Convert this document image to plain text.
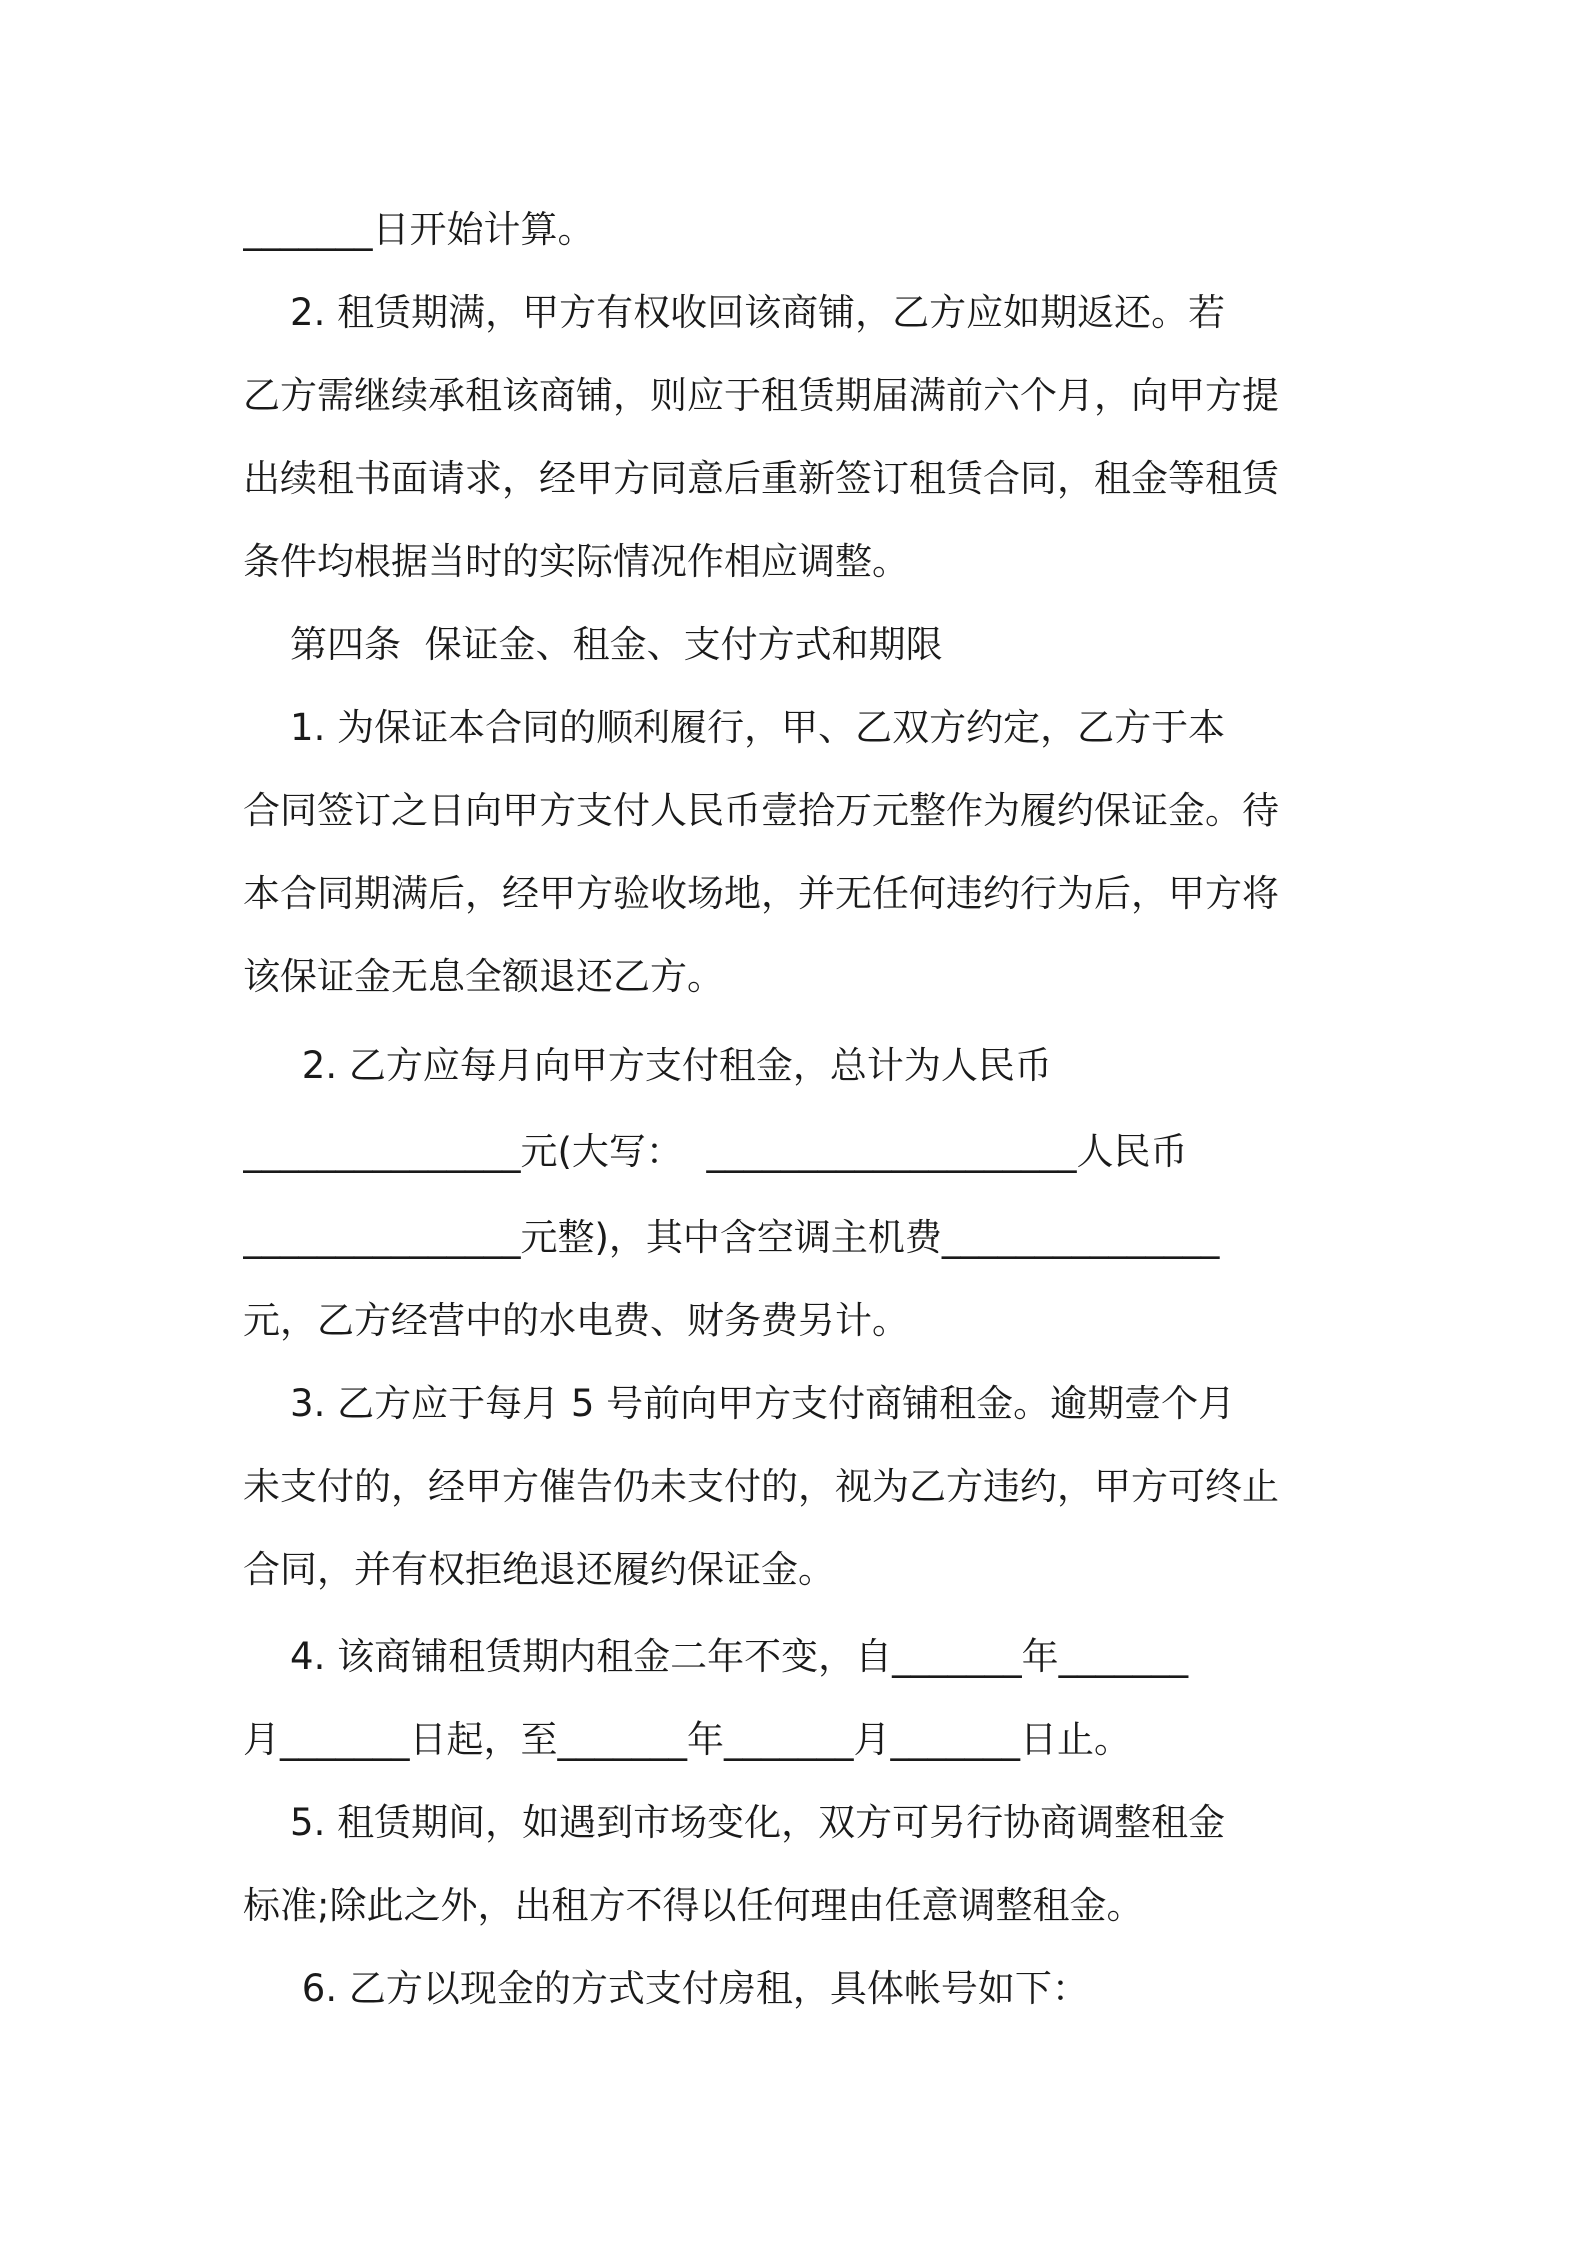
_______日开始计算。
2. 租赁期满，甲方有权收回该商铺，乙方应如期返还。若
乙方需继续承租该商铺，则应于租赁期届满前六个月，向甲方提
出续租书面请求，经甲方同意后重新签订租赁合同，租金等租赁
条件均根据当时的实际情况作相应调整。
第四条  保证金、租金、支付方式和期限
1. 为保证本合同的顺利履行，甲、乙双方约定，乙方于本
合同签订之日向甲方支付人民币壹拾万元整作为履约保证金。待
本合同期满后，经甲方验收场地，并无任何违约行为后，甲方将
该保证金无息全额退还乙方。
2. 乙方应每月向甲方支付租金，总计为人民币
_______________元(大写：  ____________________人民币
_______________元整)，其中含空调主机费_______________
元，乙方经营中的水电费、财务费另计。
3. 乙方应于每月 5 号前向甲方支付商铺租金。逾期壹个月
未支付的，经甲方催告仍未支付的，视为乙方违约，甲方可终止
合同，并有权拒绝退还履约保证金。
4. 该商铺租赁期内租金二年不变，自_______年_______
月_______日起，至_______年_______月_______日止。
5. 租赁期间，如遇到市场变化，双方可另行协商调整租金
标准;除此之外，出租方不得以任何理由任意调整租金。
6. 乙方以现金的方式支付房租，具体帐号如下：
